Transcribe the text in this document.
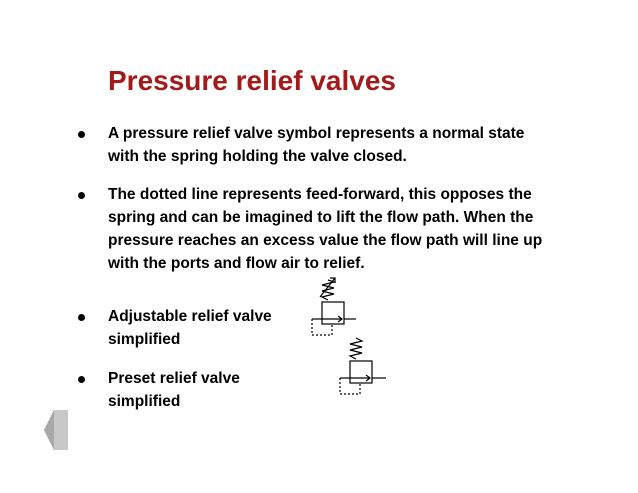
Pressure relief valves
A pressure relief valve symbol represents a normal state
with the spring holding the valve closed.
The dotted line represents feed-forward, this opposes the
spring and can be imagined to lift the flow path. When the
pressure reaches an excess value the flow path will line up
with the ports and flow air to relief.
Adjustable relief valve
simplified
Preset relief valve
simplified
